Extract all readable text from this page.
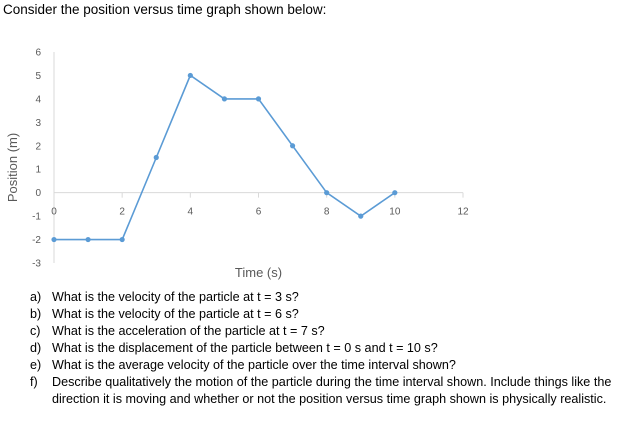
Consider the position versus time graph shown below:
-3
-2
-1
0
1
2
3
4
5
6
0	2	4	6	8	10	12
Time (s)
Position (m)
a) What is the velocity of the particle at t = 3 s?
b) What is the velocity of the particle at t = 6 s?
c) What is the acceleration of the particle at t = 7 s?
d) What is the displacement of the particle between t = 0 s and t = 10 s?
e) What is the average velocity of the particle over the time interval shown?
f)	Describe qualitatively the motion of the particle during the time interval shown. Include things like the direction it is moving and whether or not the position versus time graph shown is physically realistic.
